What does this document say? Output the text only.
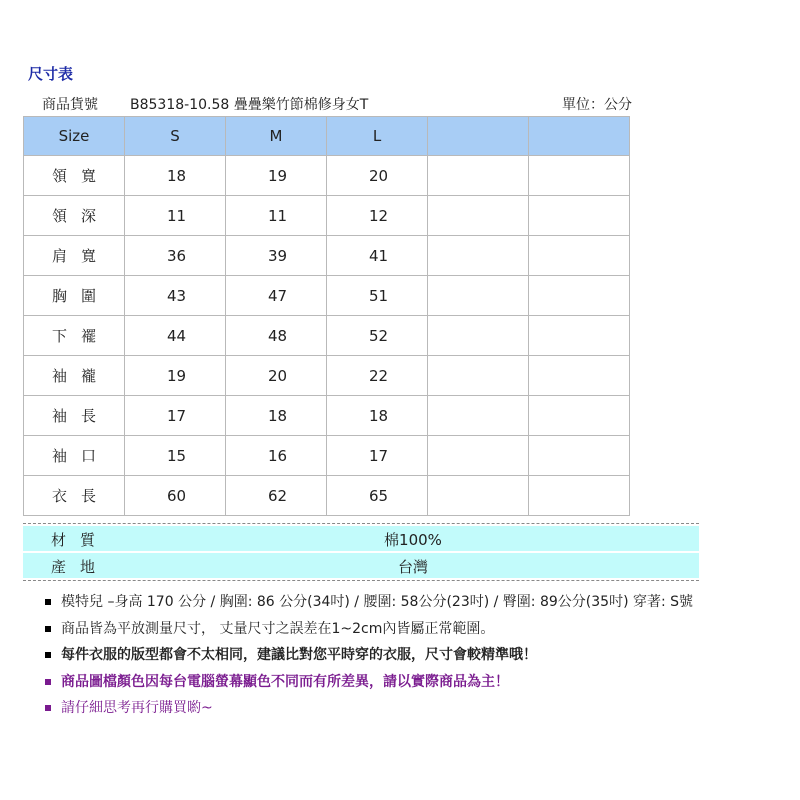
尺寸表
商品貨號 B85318-10.58 疊疊樂竹節棉修身女T	單位：公分
Size	S	M	L		
領寬	18	19	20		
領深	11	11	12		
肩寬	36	39	41		
胸圍	43	47	51		
下襬	44	48	52		
袖襱	19	20	22		
袖長	17	18	18		
袖口	15	16	17		
衣長	60	62	65		
材質	棉100%
產地	台灣
模特兒 –身高 170 公分 / 胸圍: 86 公分(34吋) / 腰圍: 58公分(23吋) / 臀圍: 89公分(35吋) 穿著: S號
商品皆為平放測量尺寸， 丈量尺寸之誤差在1~2cm內皆屬正常範圍。
每件衣服的版型都會不太相同，建議比對您平時穿的衣服，尺寸會較精準哦！
商品圖檔顏色因每台電腦螢幕顯色不同而有所差異，請以實際商品為主！
請仔細思考再行購買喲~
